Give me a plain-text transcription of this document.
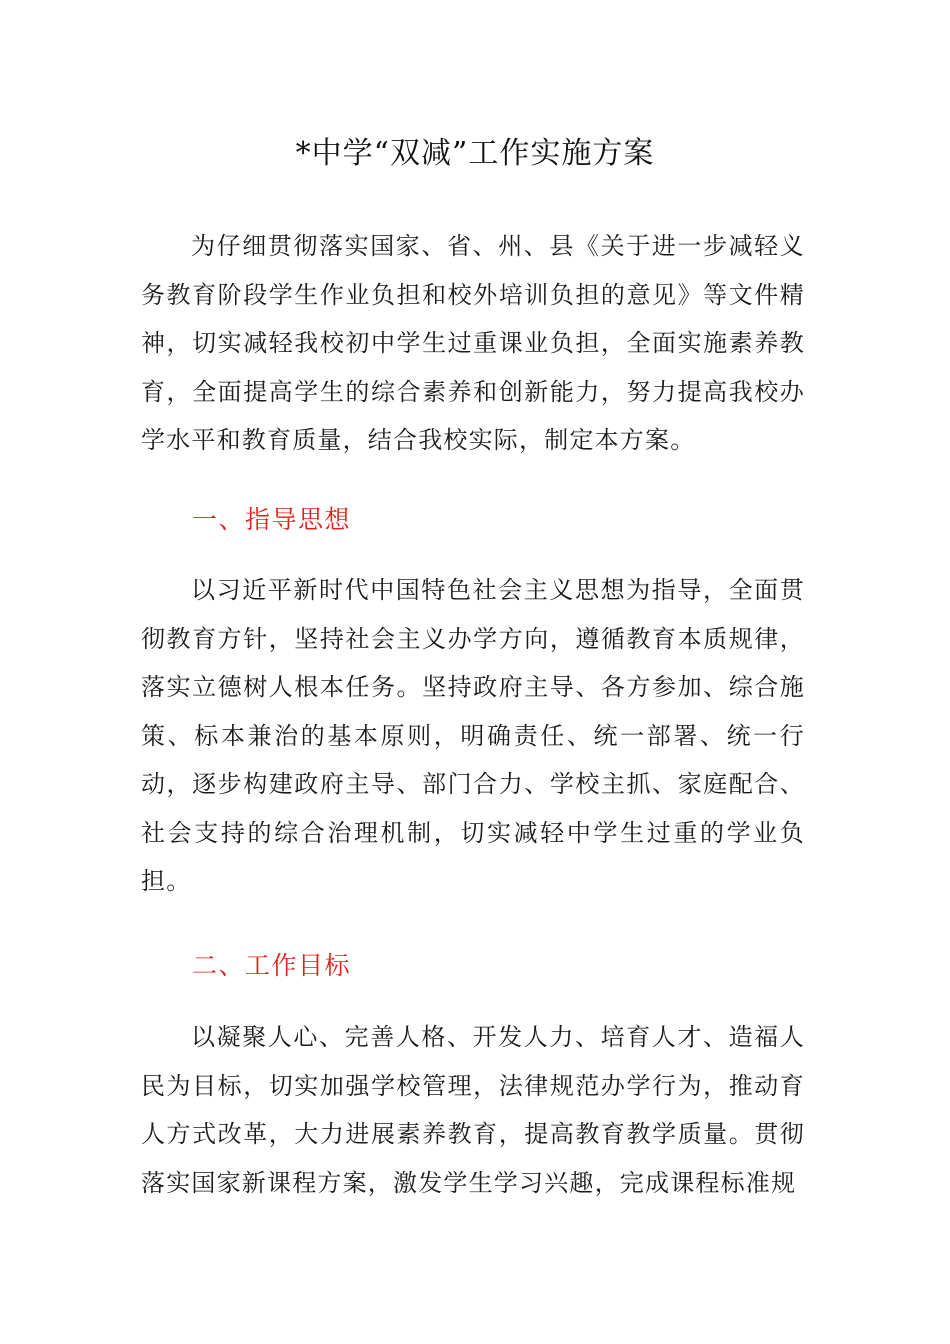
*中学“双减”工作实施方案

为仔细贯彻落实国家、省、州、县《关于进一步减轻义务教育阶段学生作业负担和校外培训负担的意见》等文件精神，切实减轻我校初中学生过重课业负担，全面实施素养教育，全面提高学生的综合素养和创新能力，努力提高我校办学水平和教育质量，结合我校实际，制定本方案。

一、指导思想

以习近平新时代中国特色社会主义思想为指导，全面贯彻教育方针，坚持社会主义办学方向，遵循教育本质规律，落实立德树人根本任务。坚持政府主导、各方参加、综合施策、标本兼治的基本原则，明确责任、统一部署、统一行动，逐步构建政府主导、部门合力、学校主抓、家庭配合、社会支持的综合治理机制，切实减轻中学生过重的学业负担。

二、工作目标

以凝聚人心、完善人格、开发人力、培育人才、造福人民为目标，切实加强学校管理，法律规范办学行为，推动育人方式改革，大力进展素养教育，提高教育教学质量。贯彻落实国家新课程方案，激发学生学习兴趣，完成课程标准规
